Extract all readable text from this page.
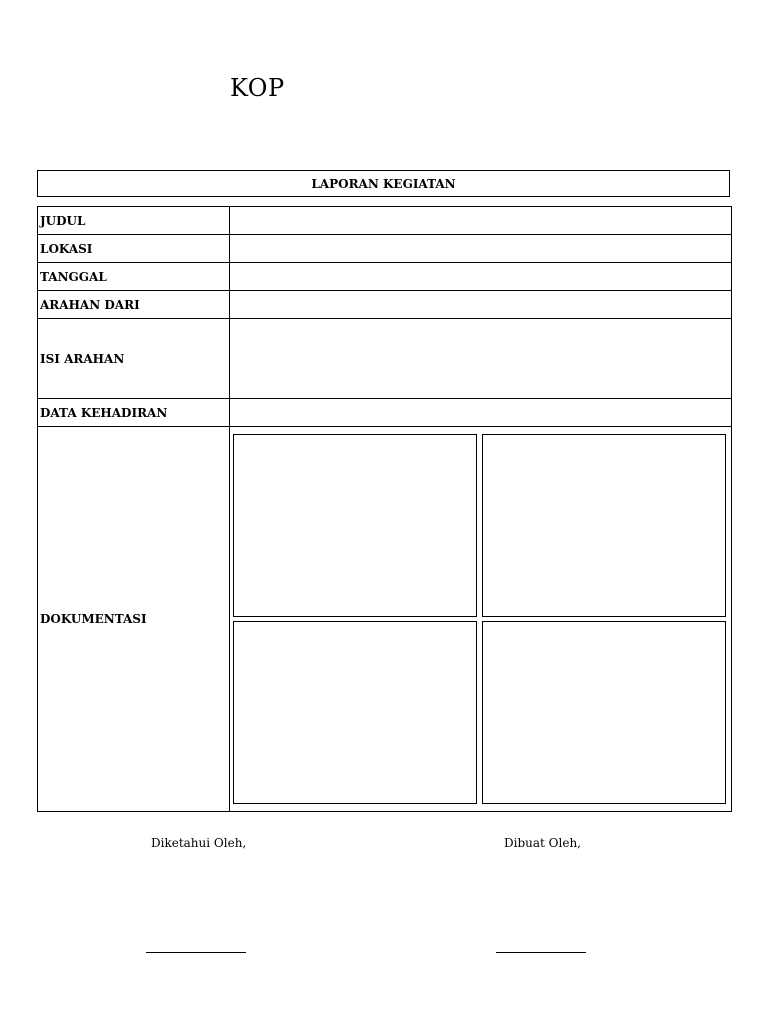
KOP
LAPORAN KEGIATAN
JUDUL	
LOKASI	
TANGGAL	
ARAHAN DARI	
ISI ARAHAN	
DATA KEHADIRAN	
DOKUMENTASI	
Diketahui Oleh,	Dibuat Oleh,
